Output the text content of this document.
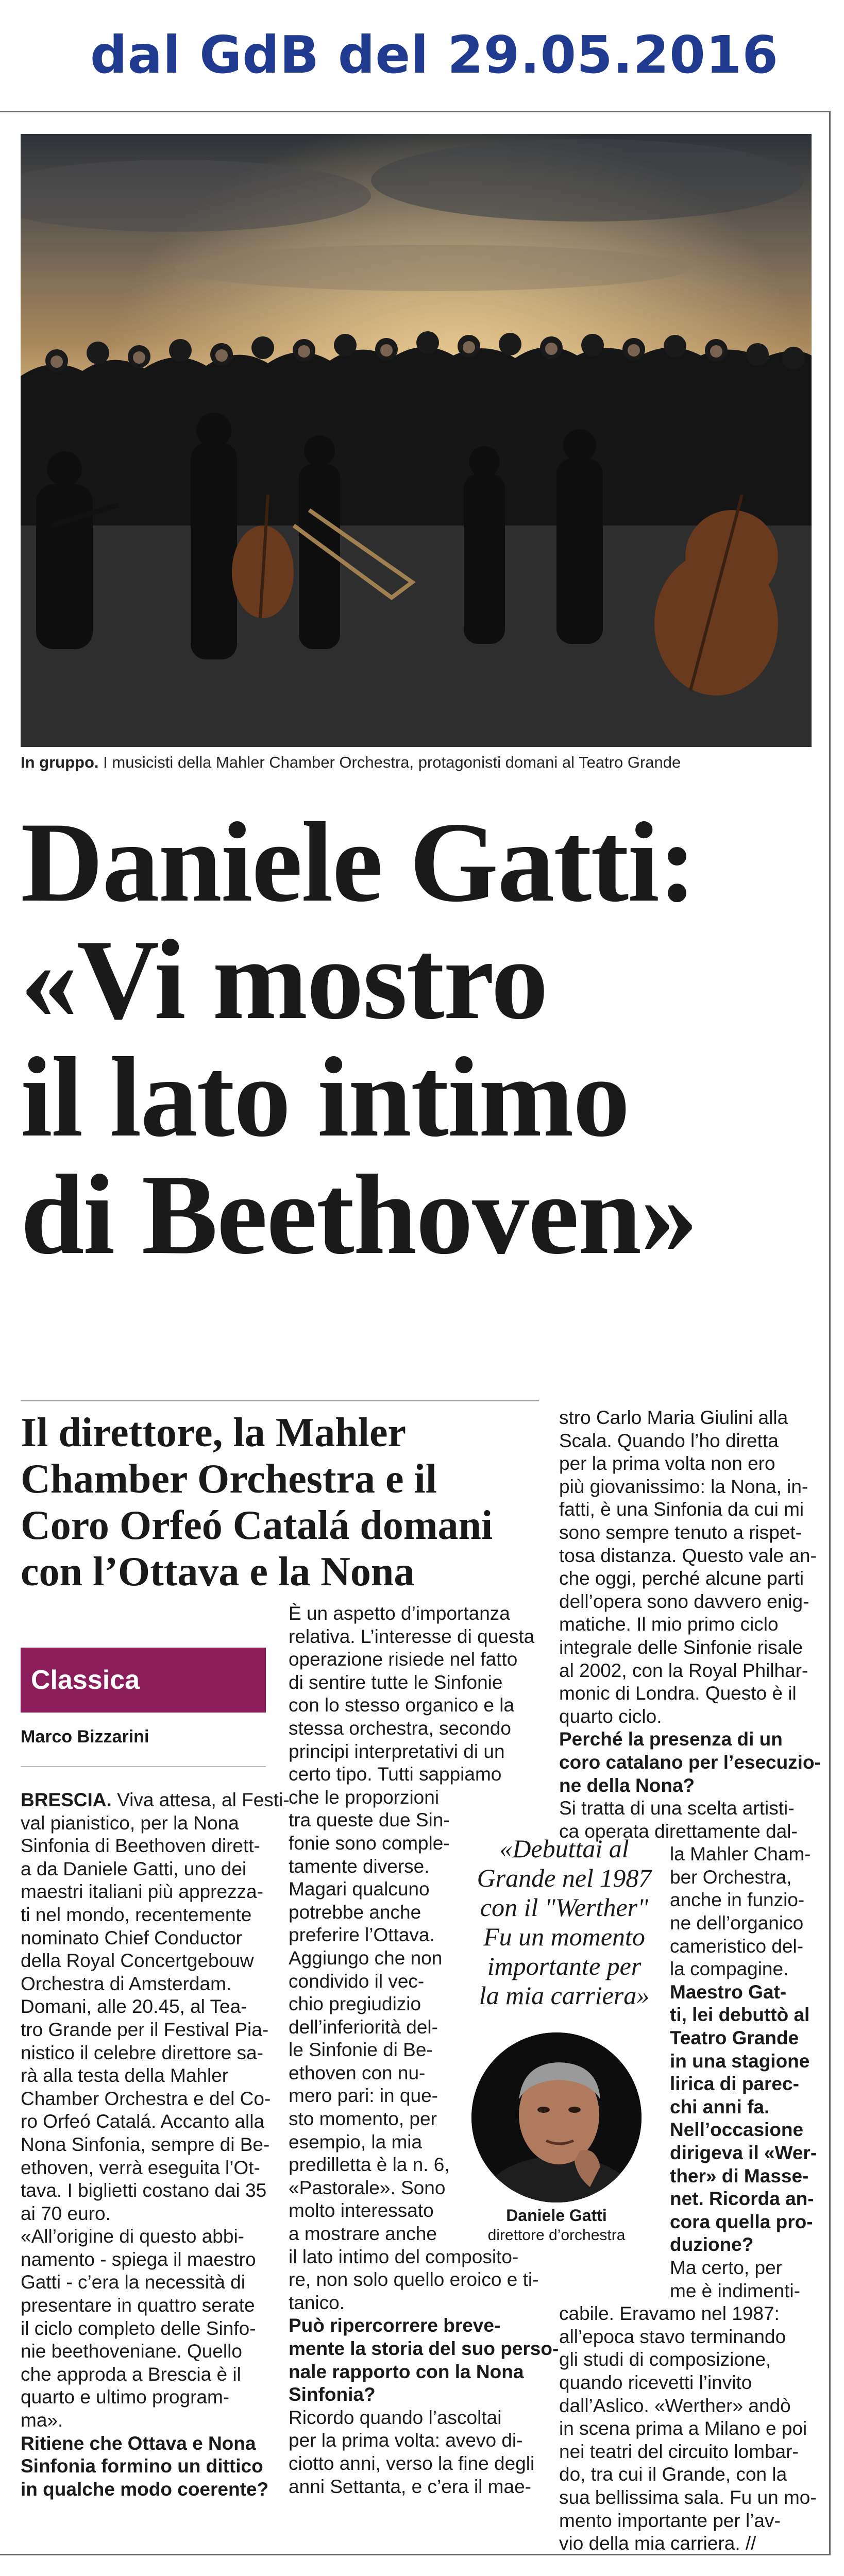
dal GdB del 29.05.2016
In gruppo. I musicisti della Mahler Chamber Orchestra, protagonisti domani al Teatro Grande
Daniele Gatti:
«Vi mostro
il lato intimo
di Beethoven»
Il direttore, la Mahler
Chamber Orchestra e il
Coro Orfeó Catalá domani
con l’Ottava e la Nona
Classica
Marco Bizzarini
BRESCIA. Viva attesa, al Festi-
val pianistico, per la Nona
Sinfonia di Beethoven dirett-
a da Daniele Gatti, uno dei
maestri italiani più apprezza-
ti nel mondo, recentemente
nominato Chief Conductor
della Royal Concertgebouw
Orchestra di Amsterdam.
Domani, alle 20.45, al Tea-
tro Grande per il Festival Pia-
nistico il celebre direttore sa-
rà alla testa della Mahler
Chamber Orchestra e del Co-
ro Orfeó Catalá. Accanto alla
Nona Sinfonia, sempre di Be-
ethoven, verrà eseguita l’Ot-
tava. I biglietti costano dai 35
ai 70 euro.
«All’origine di questo abbi-
namento - spiega il maestro
Gatti - c’era la necessità di
presentare in quattro serate
il ciclo completo delle Sinfo-
nie beethoveniane. Quello
che approda a Brescia è il
quarto e ultimo program-
ma».
Ritiene che Ottava e Nona
Sinfonia formino un dittico
in qualche modo coerente?
È un aspetto d’importanza
relativa. L’interesse di questa
operazione risiede nel fatto
di sentire tutte le Sinfonie
con lo stesso organico e la
stessa orchestra, secondo
principi interpretativi di un
certo tipo. Tutti sappiamo
che le proporzioni
tra queste due Sin-
fonie sono comple-
tamente diverse.
Magari qualcuno
potrebbe anche
preferire l’Ottava.
Aggiungo che non
condivido il vec-
chio pregiudizio
dell’inferiorità del-
le Sinfonie di Be-
ethoven con nu-
mero pari: in que-
sto momento, per
esempio, la mia
predilletta è la n. 6,
«Pastorale». Sono
molto interessato
a mostrare anche
il lato intimo del composito-
re, non solo quello eroico e ti-
tanico.
Può ripercorrere breve-
mente la storia del suo perso-
nale rapporto con la Nona
Sinfonia?
Ricordo quando l’ascoltai
per la prima volta: avevo di-
ciotto anni, verso la fine degli
anni Settanta, e c’era il mae-
stro Carlo Maria Giulini alla
Scala. Quando l’ho diretta
per la prima volta non ero
più giovanissimo: la Nona, in-
fatti, è una Sinfonia da cui mi
sono sempre tenuto a rispet-
tosa distanza. Questo vale an-
che oggi, perché alcune parti
dell’opera sono davvero enig-
matiche. Il mio primo ciclo
integrale delle Sinfonie risale
al 2002, con la Royal Philhar-
monic di Londra. Questo è il
quarto ciclo.
Perché la presenza di un
coro catalano per l’esecuzio-
ne della Nona?
Si tratta di una scelta artisti-
ca operata direttamente dal-
la Mahler Cham-
ber Orchestra,
anche in funzio-
ne dell’organico
cameristico del-
la compagine.
Maestro Gat-
ti, lei debuttò al
Teatro Grande
in una stagione
lirica di parec-
chi anni fa.
Nell’occasione
dirigeva il «Wer-
ther» di Masse-
net. Ricorda an-
cora quella pro-
duzione?
Ma certo, per
me è indimenti-
cabile. Eravamo nel 1987:
all’epoca stavo terminando
gli studi di composizione,
quando ricevetti l’invito
dall’Aslico. «Werther» andò
in scena prima a Milano e poi
nei teatri del circuito lombar-
do, tra cui il Grande, con la
sua bellissima sala. Fu un mo-
mento importante per l’av-
vio della mia carriera. //
«Debuttai al
Grande nel 1987
con il "Werther"
Fu un momento
importante per
la mia carriera»
Daniele Gatti
direttore d’orchestra
